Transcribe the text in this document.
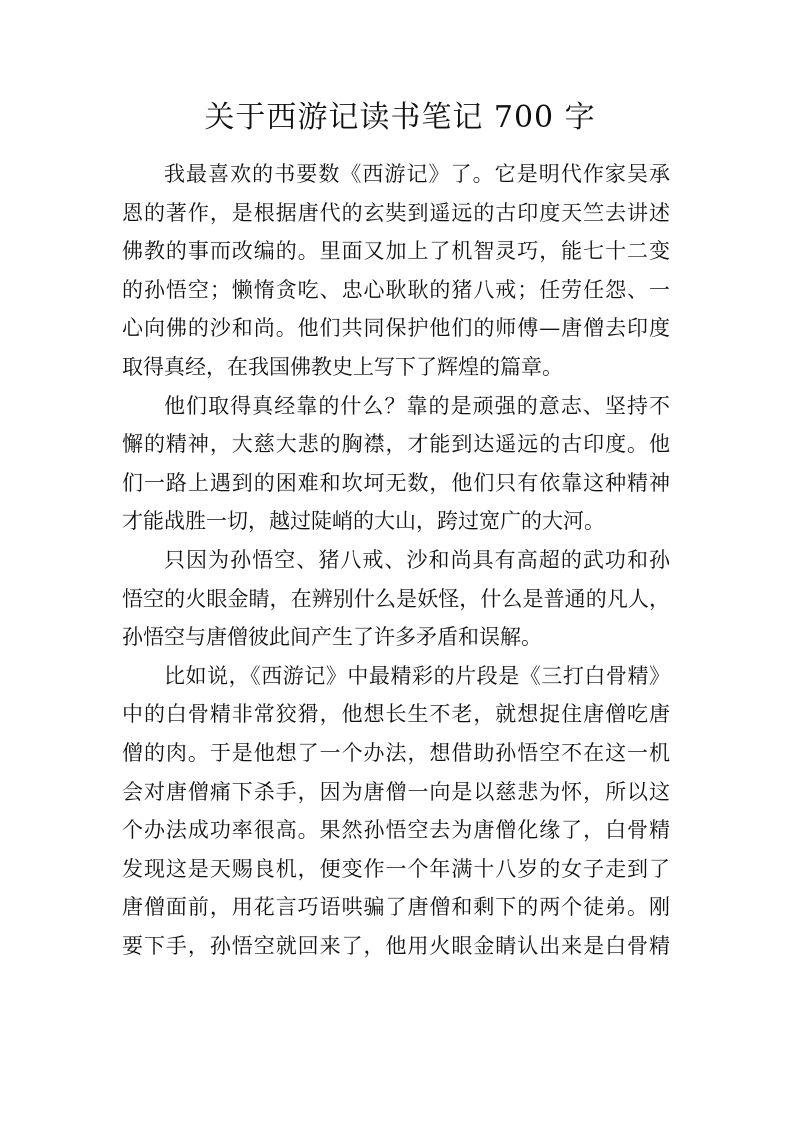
关于西游记读书笔记 700 字
我最喜欢的书要数《西游记》了。它是明代作家吴承
恩的著作，是根据唐代的玄奘到遥远的古印度天竺去讲述
佛教的事而改编的。里面又加上了机智灵巧，能七十二变
的孙悟空；懒惰贪吃、忠心耿耿的猪八戒；任劳任怨、一
心向佛的沙和尚。他们共同保护他们的师傅—唐僧去印度
取得真经，在我国佛教史上写下了辉煌的篇章。
他们取得真经靠的什么？靠的是顽强的意志、坚持不
懈的精神，大慈大悲的胸襟，才能到达遥远的古印度。他
们一路上遇到的困难和坎坷无数，他们只有依靠这种精神
才能战胜一切，越过陡峭的大山，跨过宽广的大河。
只因为孙悟空、猪八戒、沙和尚具有高超的武功和孙
悟空的火眼金睛，在辨别什么是妖怪，什么是普通的凡人，
孙悟空与唐僧彼此间产生了许多矛盾和误解。
比如说，《西游记》中最精彩的片段是《三打白骨精》
中的白骨精非常狡猾，他想长生不老，就想捉住唐僧吃唐
僧的肉。于是他想了一个办法，想借助孙悟空不在这一机
会对唐僧痛下杀手，因为唐僧一向是以慈悲为怀，所以这
个办法成功率很高。果然孙悟空去为唐僧化缘了，白骨精
发现这是天赐良机，便变作一个年满十八岁的女子走到了
唐僧面前，用花言巧语哄骗了唐僧和剩下的两个徒弟。刚
要下手，孙悟空就回来了，他用火眼金睛认出来是白骨精
